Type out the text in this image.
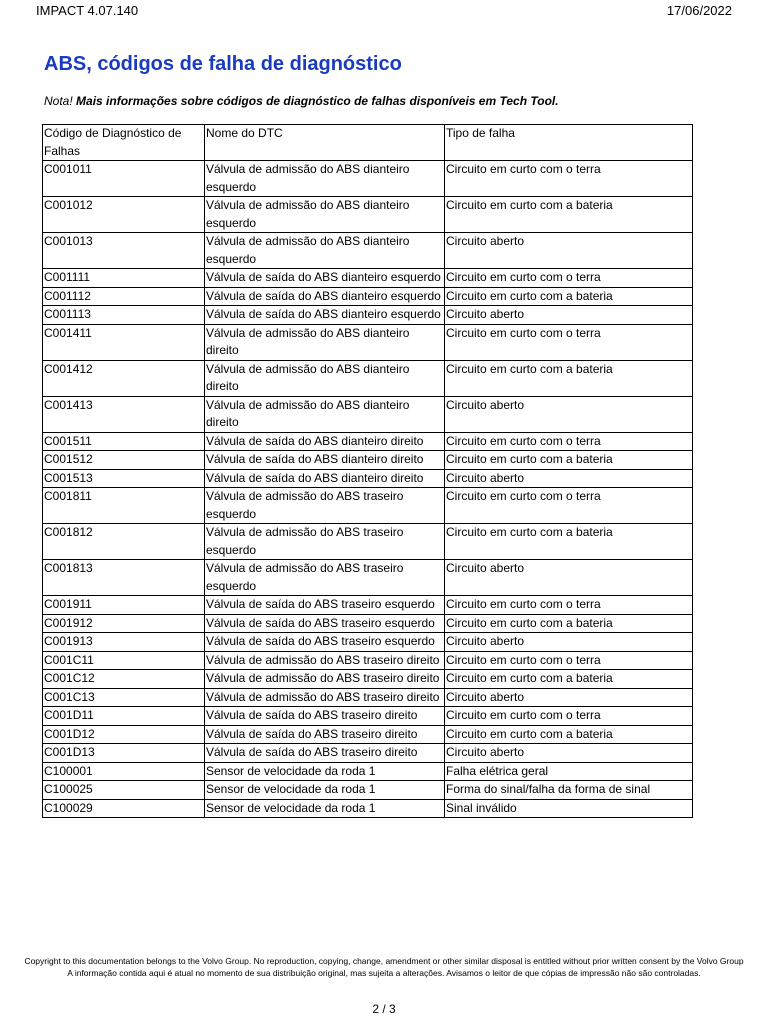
IMPACT 4.07.140	17/06/2022
ABS, códigos de falha de diagnóstico
Nota! Mais informações sobre códigos de diagnóstico de falhas disponíveis em Tech Tool.
Código de Diagnóstico de Falhas	Nome do DTC	Tipo de falha
C001011	Válvula de admissão do ABS dianteiro esquerdo	Circuito em curto com o terra
C001012	Válvula de admissão do ABS dianteiro esquerdo	Circuito em curto com a bateria
C001013	Válvula de admissão do ABS dianteiro esquerdo	Circuito aberto
C001111	Válvula de saída do ABS dianteiro esquerdo	Circuito em curto com o terra
C001112	Válvula de saída do ABS dianteiro esquerdo	Circuito em curto com a bateria
C001113	Válvula de saída do ABS dianteiro esquerdo	Circuito aberto
C001411	Válvula de admissão do ABS dianteiro direito	Circuito em curto com o terra
C001412	Válvula de admissão do ABS dianteiro direito	Circuito em curto com a bateria
C001413	Válvula de admissão do ABS dianteiro direito	Circuito aberto
C001511	Válvula de saída do ABS dianteiro direito	Circuito em curto com o terra
C001512	Válvula de saída do ABS dianteiro direito	Circuito em curto com a bateria
C001513	Válvula de saída do ABS dianteiro direito	Circuito aberto
C001811	Válvula de admissão do ABS traseiro esquerdo	Circuito em curto com o terra
C001812	Válvula de admissão do ABS traseiro esquerdo	Circuito em curto com a bateria
C001813	Válvula de admissão do ABS traseiro esquerdo	Circuito aberto
C001911	Válvula de saída do ABS traseiro esquerdo	Circuito em curto com o terra
C001912	Válvula de saída do ABS traseiro esquerdo	Circuito em curto com a bateria
C001913	Válvula de saída do ABS traseiro esquerdo	Circuito aberto
C001C11	Válvula de admissão do ABS traseiro direito	Circuito em curto com o terra
C001C12	Válvula de admissão do ABS traseiro direito	Circuito em curto com a bateria
C001C13	Válvula de admissão do ABS traseiro direito	Circuito aberto
C001D11	Válvula de saída do ABS traseiro direito	Circuito em curto com o terra
C001D12	Válvula de saída do ABS traseiro direito	Circuito em curto com a bateria
C001D13	Válvula de saída do ABS traseiro direito	Circuito aberto
C100001	Sensor de velocidade da roda 1	Falha elétrica geral
C100025	Sensor de velocidade da roda 1	Forma do sinal/falha da forma de sinal
C100029	Sensor de velocidade da roda 1	Sinal inválido
Copyright to this documentation belongs to the Volvo Group. No reproduction, copying, change, amendment or other similar disposal is entitled without prior written consent by the Volvo Group
A informação contida aqui é atual no momento de sua distribuição original, mas sujeita a alterações. Avisamos o leitor de que cópias de impressão não são controladas.
2 / 3
